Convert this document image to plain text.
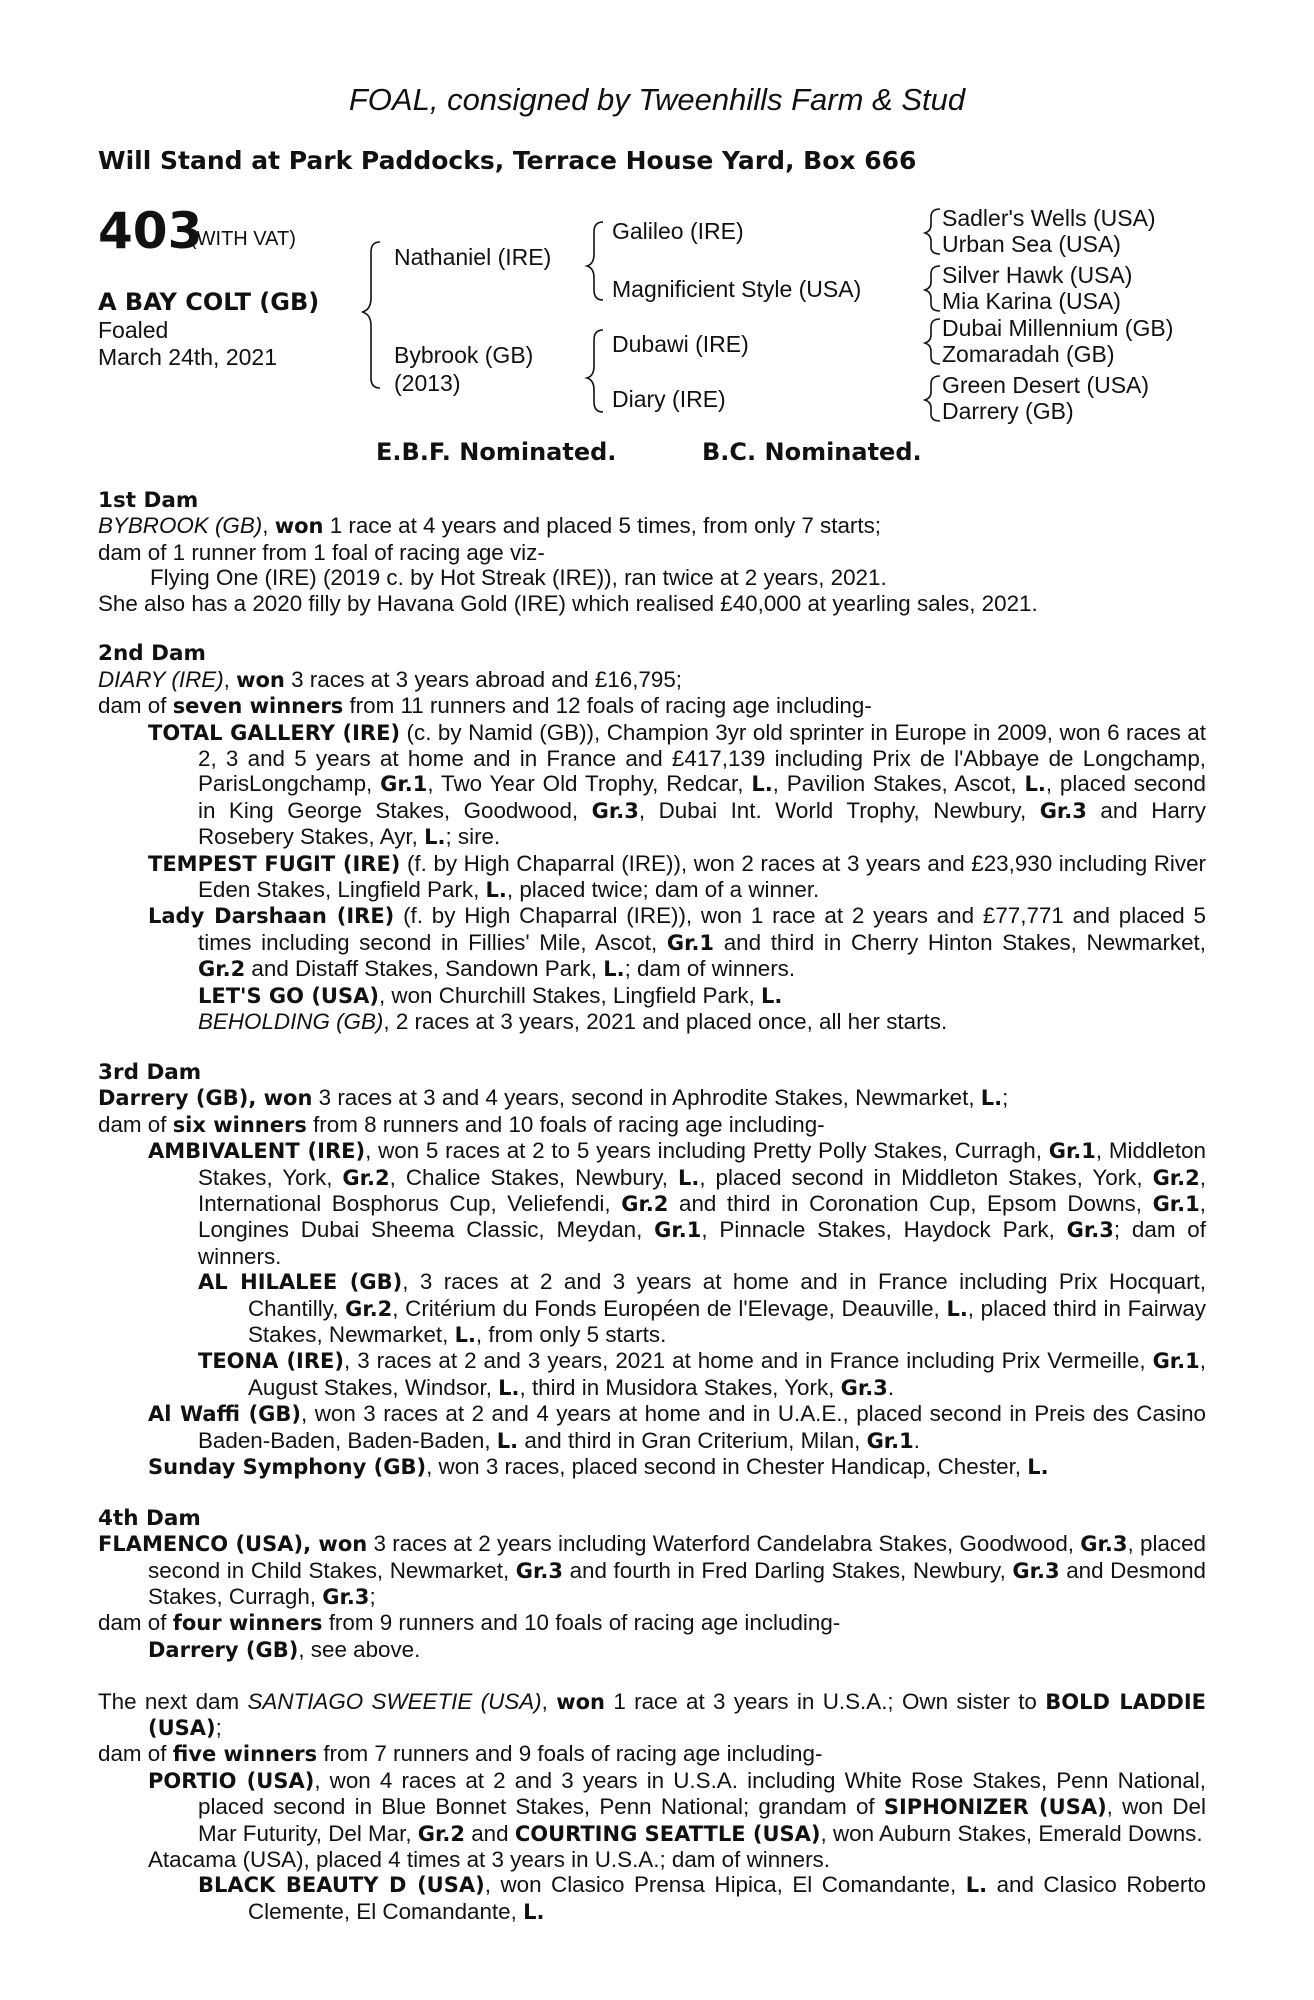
FOAL, consigned by Tweenhills Farm & Stud
Will Stand at Park Paddocks, Terrace House Yard, Box 666
403
(WITH VAT)
A BAY COLT (GB)
Foaled
March 24th, 2021
Nathaniel (IRE)
Bybrook (GB)
(2013)
Galileo (IRE)
Magnificient Style (USA)
Dubawi (IRE)
Diary (IRE)
Sadler's Wells (USA)
Urban Sea (USA)
Silver Hawk (USA)
Mia Karina (USA)
Dubai Millennium (GB)
Zomaradah (GB)
Green Desert (USA)
Darrery (GB)
E.B.F. Nominated.	B.C. Nominated.
1st Dam
BYBROOK (GB), won 1 race at 4 years and placed 5 times, from only 7 starts;
dam of 1 runner from 1 foal of racing age viz-
Flying One (IRE) (2019 c. by Hot Streak (IRE)), ran twice at 2 years, 2021.
She also has a 2020 filly by Havana Gold (IRE) which realised £40,000 at yearling sales, 2021.
2nd Dam
DIARY (IRE), won 3 races at 3 years abroad and £16,795;
dam of seven winners from 11 runners and 12 foals of racing age including-
TOTAL GALLERY (IRE) (c. by Namid (GB)), Champion 3yr old sprinter in Europe in 2009, won 6 races at 2, 3 and 5 years at home and in France and £417,139 including Prix de l'Abbaye de Longchamp, ParisLongchamp, Gr.1, Two Year Old Trophy, Redcar, L., Pavilion Stakes, Ascot, L., placed second in King George Stakes, Goodwood, Gr.3, Dubai Int. World Trophy, Newbury, Gr.3 and Harry Rosebery Stakes, Ayr, L.; sire.
TEMPEST FUGIT (IRE) (f. by High Chaparral (IRE)), won 2 races at 3 years and £23,930 including River Eden Stakes, Lingfield Park, L., placed twice; dam of a winner.
Lady Darshaan (IRE) (f. by High Chaparral (IRE)), won 1 race at 2 years and £77,771 and placed 5 times including second in Fillies' Mile, Ascot, Gr.1 and third in Cherry Hinton Stakes, Newmarket, Gr.2 and Distaff Stakes, Sandown Park, L.; dam of winners.
LET'S GO (USA), won Churchill Stakes, Lingfield Park, L.
BEHOLDING (GB), 2 races at 3 years, 2021 and placed once, all her starts.
3rd Dam
Darrery (GB), won 3 races at 3 and 4 years, second in Aphrodite Stakes, Newmarket, L.;
dam of six winners from 8 runners and 10 foals of racing age including-
AMBIVALENT (IRE), won 5 races at 2 to 5 years including Pretty Polly Stakes, Curragh, Gr.1, Middleton Stakes, York, Gr.2, Chalice Stakes, Newbury, L., placed second in Middleton Stakes, York, Gr.2, International Bosphorus Cup, Veliefendi, Gr.2 and third in Coronation Cup, Epsom Downs, Gr.1, Longines Dubai Sheema Classic, Meydan, Gr.1, Pinnacle Stakes, Haydock Park, Gr.3; dam of winners.
AL HILALEE (GB), 3 races at 2 and 3 years at home and in France including Prix Hocquart, Chantilly, Gr.2, Critérium du Fonds Européen de l'Elevage, Deauville, L., placed third in Fairway Stakes, Newmarket, L., from only 5 starts.
TEONA (IRE), 3 races at 2 and 3 years, 2021 at home and in France including Prix Vermeille, Gr.1, August Stakes, Windsor, L., third in Musidora Stakes, York, Gr.3.
Al Waffi (GB), won 3 races at 2 and 4 years at home and in U.A.E., placed second in Preis des Casino Baden-Baden, Baden-Baden, L. and third in Gran Criterium, Milan, Gr.1.
Sunday Symphony (GB), won 3 races, placed second in Chester Handicap, Chester, L.
4th Dam
FLAMENCO (USA), won 3 races at 2 years including Waterford Candelabra Stakes, Goodwood, Gr.3, placed second in Child Stakes, Newmarket, Gr.3 and fourth in Fred Darling Stakes, Newbury, Gr.3 and Desmond Stakes, Curragh, Gr.3;
dam of four winners from 9 runners and 10 foals of racing age including-
Darrery (GB), see above.
The next dam SANTIAGO SWEETIE (USA), won 1 race at 3 years in U.S.A.; Own sister to BOLD LADDIE (USA);
dam of five winners from 7 runners and 9 foals of racing age including-
PORTIO (USA), won 4 races at 2 and 3 years in U.S.A. including White Rose Stakes, Penn National, placed second in Blue Bonnet Stakes, Penn National; grandam of SIPHONIZER (USA), won Del Mar Futurity, Del Mar, Gr.2 and COURTING SEATTLE (USA), won Auburn Stakes, Emerald Downs.
Atacama (USA), placed 4 times at 3 years in U.S.A.; dam of winners.
BLACK BEAUTY D (USA), won Clasico Prensa Hipica, El Comandante, L. and Clasico Roberto Clemente, El Comandante, L.
